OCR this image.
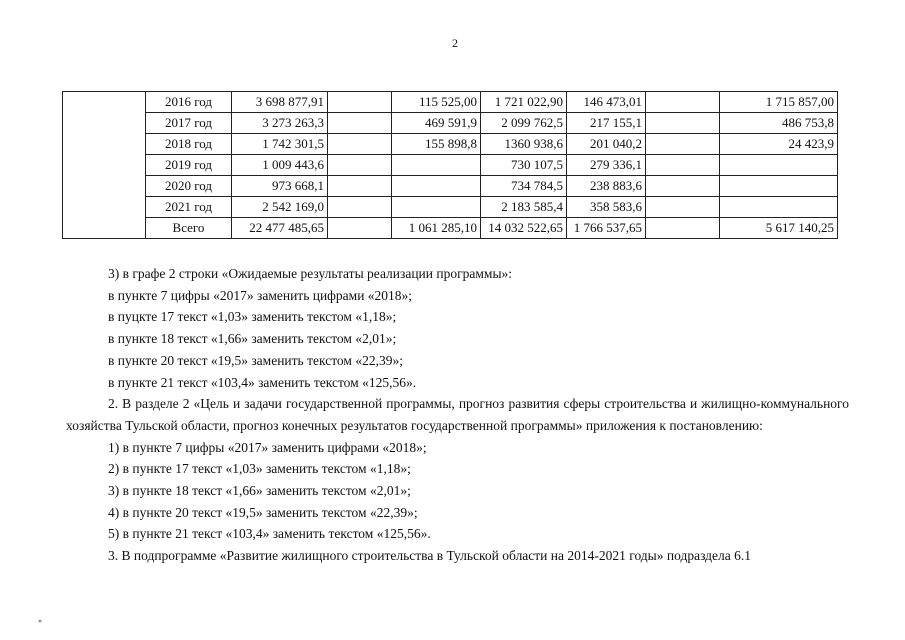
2
	2016 год	3 698 877,91		115 525,00	1 721 022,90	146 473,01		1 715 857,00
	2017 год	3 273 263,3		469 591,9	2 099 762,5	217 155,1		486 753,8
	2018 год	1 742 301,5		155 898,8	1360 938,6	201 040,2		24 423,9
	2019 год	1 009 443,6			730 107,5	279 336,1		
	2020 год	973 668,1			734 784,5	238 883,6		
	2021 год	2 542 169,0			2 183 585,4	358 583,6		
	Всего	22 477 485,65		1 061 285,10	14 032 522,65	1 766 537,65		5 617 140,25

3) в графе 2 строки «Ожидаемые результаты реализации программы»:

в пункте 7 цифры «2017» заменить цифрами «2018»;

в пуцкте 17 текст «1,03» заменить текстом «1,18»;

в пункте 18 текст «1,66» заменить текстом «2,01»;

в пункте 20 текст «19,5» заменить текстом «22,39»;

в пункте 21 текст «103,4» заменить текстом «125,56».

2. В разделе 2 «Цель и задачи государственной программы, прогноз развития сферы строительства и жилищно-коммунального хозяйства Тульской области, прогноз конечных результатов государственной программы» приложения к постановлению:

1) в пункте 7 цифры «2017» заменить цифрами «2018»;

2) в пункте 17 текст «1,03» заменить текстом «1,18»;

3) в пункте 18 текст «1,66» заменить текстом «2,01»;

4) в пункте 20 текст «19,5» заменить текстом «22,39»;

5) в пункте 21 текст «103,4» заменить текстом «125,56».

3. В подпрограмме «Развитие жилищного строительства в Тульской области на 2014-2021 годы» подраздела 6.1

*
